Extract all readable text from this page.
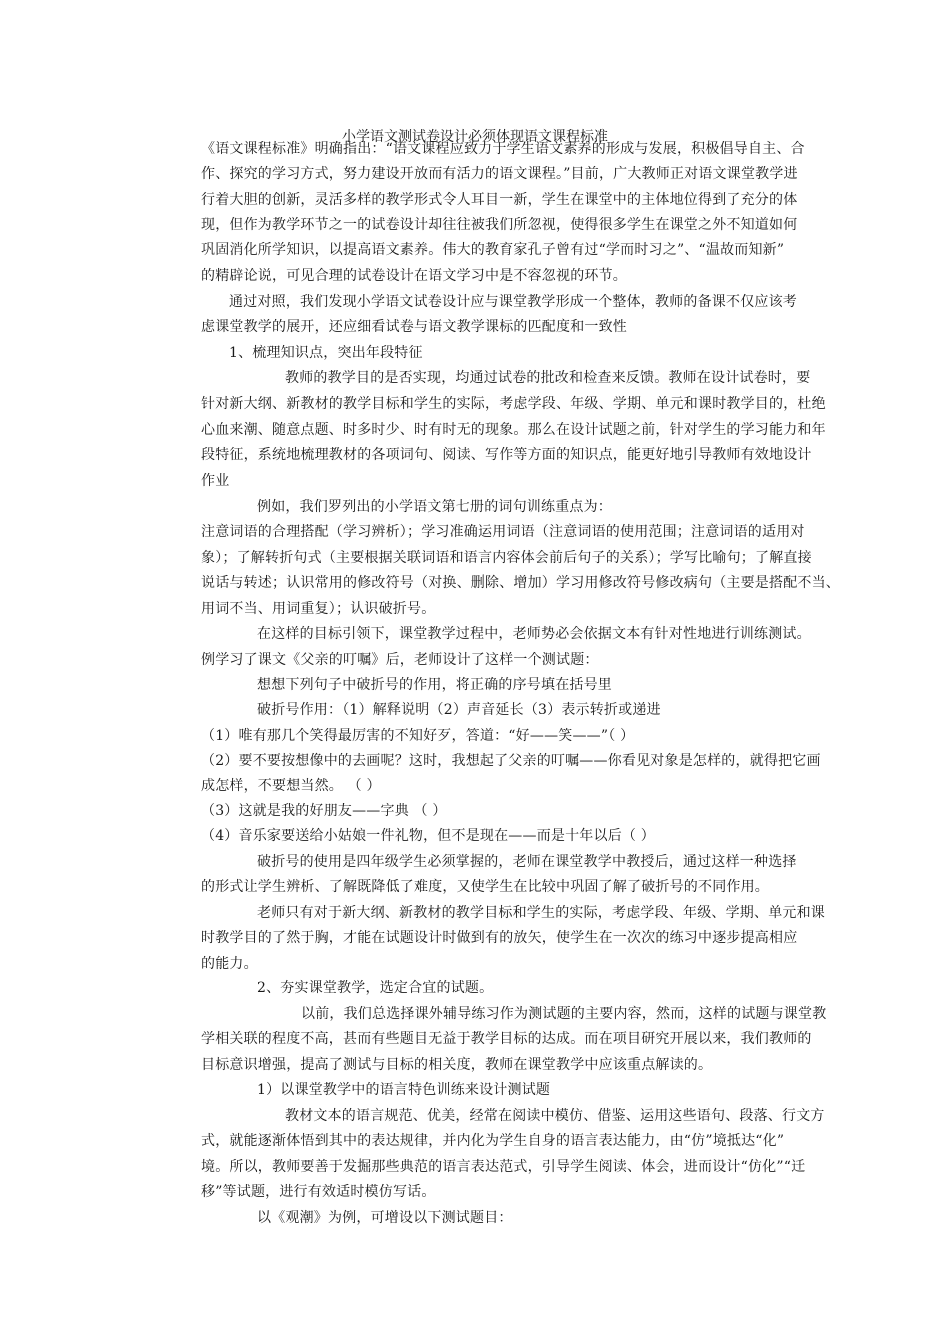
小学语文测试卷设计必须体现语文课程标准
《语文课程标准》明确指出：“语文课程应致力于学生语文素养的形成与发展，积极倡导自主、合
作、探究的学习方式，努力建设开放而有活力的语文课程。”目前，广大教师正对语文课堂教学进
行着大胆的创新，灵活多样的教学形式令人耳目一新，学生在课堂中的主体地位得到了充分的体
现，但作为教学环节之一的试卷设计却往往被我们所忽视，使得很多学生在课堂之外不知道如何
巩固消化所学知识，以提高语文素养。伟大的教育家孔子曾有过“学而时习之”、“温故而知新”
的精辟论说，可见合理的试卷设计在语文学习中是不容忽视的环节。
通过对照，我们发现小学语文试卷设计应与课堂教学形成一个整体，教师的备课不仅应该考
虑课堂教学的展开，还应细看试卷与语文教学课标的匹配度和一致性
1、梳理知识点，突出年段特征
教师的教学目的是否实现，均通过试卷的批改和检查来反馈。教师在设计试卷时，要
针对新大纲、新教材的教学目标和学生的实际，考虑学段、年级、学期、单元和课时教学目的，杜绝
心血来潮、随意点题、时多时少、时有时无的现象。那么在设计试题之前，针对学生的学习能力和年
段特征，系统地梳理教材的各项词句、阅读、写作等方面的知识点，能更好地引导教师有效地设计
作业
例如，我们罗列出的小学语文第七册的词句训练重点为：
注意词语的合理搭配（学习辨析）；学习准确运用词语（注意词语的使用范围；注意词语的适用对
象）；了解转折句式（主要根据关联词语和语言内容体会前后句子的关系）；学写比喻句；了解直接
说话与转述；认识常用的修改符号（对换、删除、增加）学习用修改符号修改病句（主要是搭配不当、
用词不当、用词重复）；认识破折号。
在这样的目标引领下，课堂教学过程中，老师势必会依据文本有针对性地进行训练测试。
例学习了课文《父亲的叮嘱》后，老师设计了这样一个测试题：
想想下列句子中破折号的作用，将正确的序号填在括号里
破折号作用：（1）解释说明（2）声音延长（3）表示转折或递进
（1）唯有那几个笑得最厉害的不知好歹，答道：“好——笑——”（ ）
（2）要不要按想像中的去画呢？这时，我想起了父亲的叮嘱——你看见对象是怎样的，就得把它画
成怎样，不要想当然。 （ ）
（3）这就是我的好朋友——字典 （ ）
（4）音乐家要送给小姑娘一件礼物，但不是现在——而是十年以后（ ）
破折号的使用是四年级学生必须掌握的，老师在课堂教学中教授后，通过这样一种选择
的形式让学生辨析、了解既降低了难度，又使学生在比较中巩固了解了破折号的不同作用。
老师只有对于新大纲、新教材的教学目标和学生的实际，考虑学段、年级、学期、单元和课
时教学目的了然于胸，才能在试题设计时做到有的放矢，使学生在一次次的练习中逐步提高相应
的能力。
2、夯实课堂教学，选定合宜的试题。
以前，我们总选择课外辅导练习作为测试题的主要内容，然而，这样的试题与课堂教
学相关联的程度不高，甚而有些题目无益于教学目标的达成。而在项目研究开展以来，我们教师的
目标意识增强，提高了测试与目标的相关度，教师在课堂教学中应该重点解读的。
1）以课堂教学中的语言特色训练来设计测试题
教材文本的语言规范、优美，经常在阅读中模仿、借鉴、运用这些语句、段落、行文方
式，就能逐渐体悟到其中的表达规律，并内化为学生自身的语言表达能力，由“仿”境抵达“化”
境。所以，教师要善于发掘那些典范的语言表达范式，引导学生阅读、体会，进而设计“仿化”“迁
移”等试题，进行有效适时模仿写话。
以《观潮》为例，可增设以下测试题目：
